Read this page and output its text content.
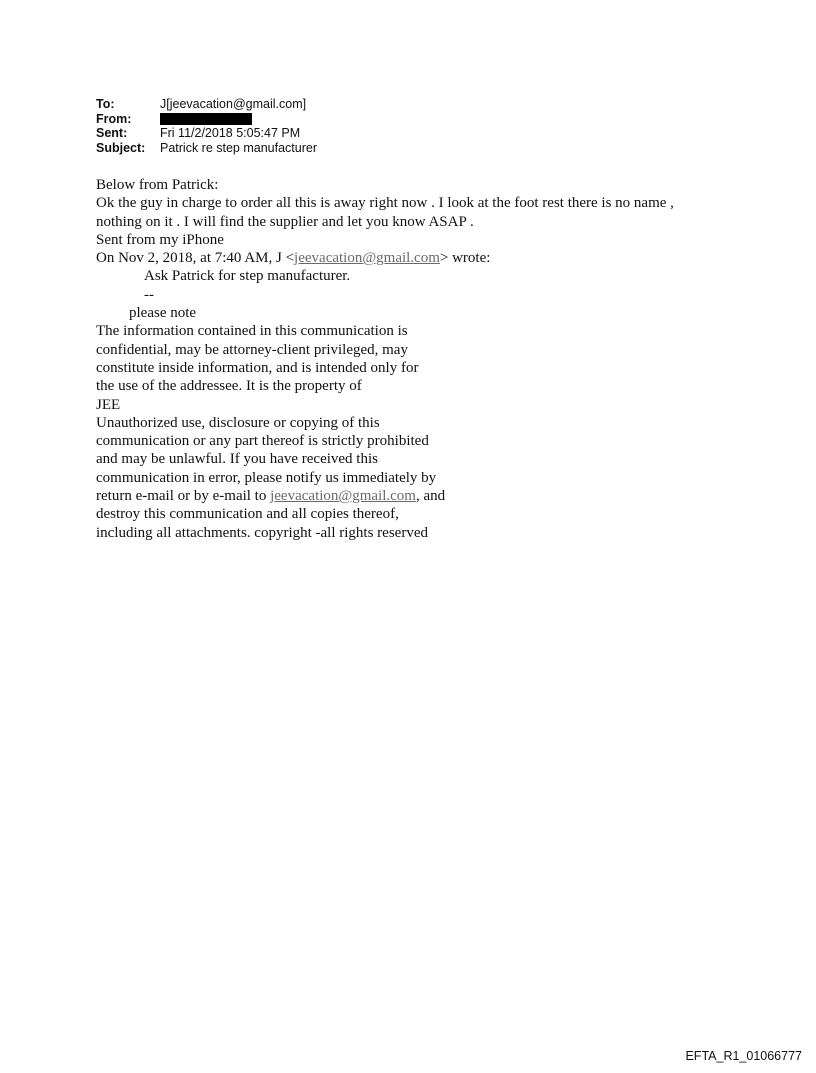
To:	J[jeevacation@gmail.com]
From:
Sent:	Fri 11/2/2018 5:05:47 PM
Subject:	Patrick re step manufacturer

Below from Patrick:

Ok the guy in charge to order all this is away right now . I look at the foot rest there is no name ,

nothing on it . I will find the supplier and let you know ASAP .

Sent from my iPhone

On Nov 2, 2018, at 7:40 AM, J <jeevacation@gmail.com> wrote:

Ask Patrick for step manufacturer.

--

please note

The information contained in this communication is

confidential, may be attorney-client privileged, may

constitute inside information, and is intended only for

the use of the addressee. It is the property of

JEE

Unauthorized use, disclosure or copying of this

communication or any part thereof is strictly prohibited

and may be unlawful. If you have received this

communication in error, please notify us immediately by

return e-mail or by e-mail to jeevacation@gmail.com, and

destroy this communication and all copies thereof,

including all attachments. copyright -all rights reserved

EFTA_R1_01066777
